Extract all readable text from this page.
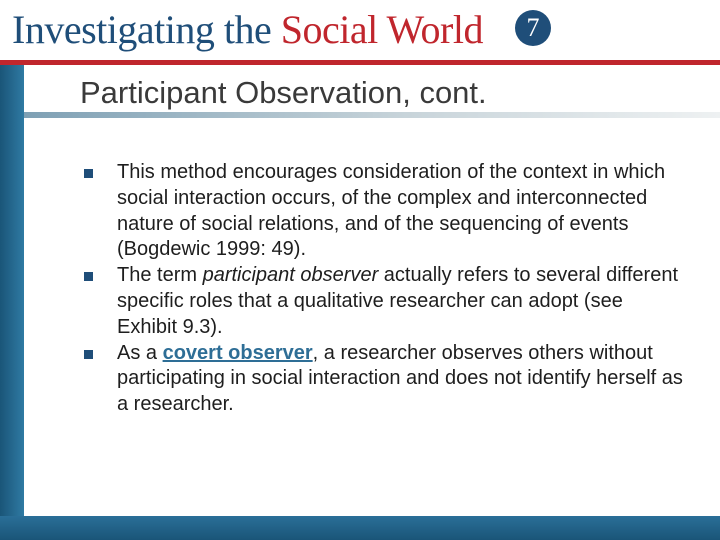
Investigating the Social World	7
Participant Observation, cont.
This method encourages consideration of the context in which social interaction occurs, of the complex and interconnected nature of social relations, and of the sequencing of events (Bogdewic 1999: 49).
The term participant observer actually refers to several different specific roles that a qualitative researcher can adopt (see Exhibit 9.3).
As a covert observer, a researcher observes others without participating in social interaction and does not identify herself as a researcher.
